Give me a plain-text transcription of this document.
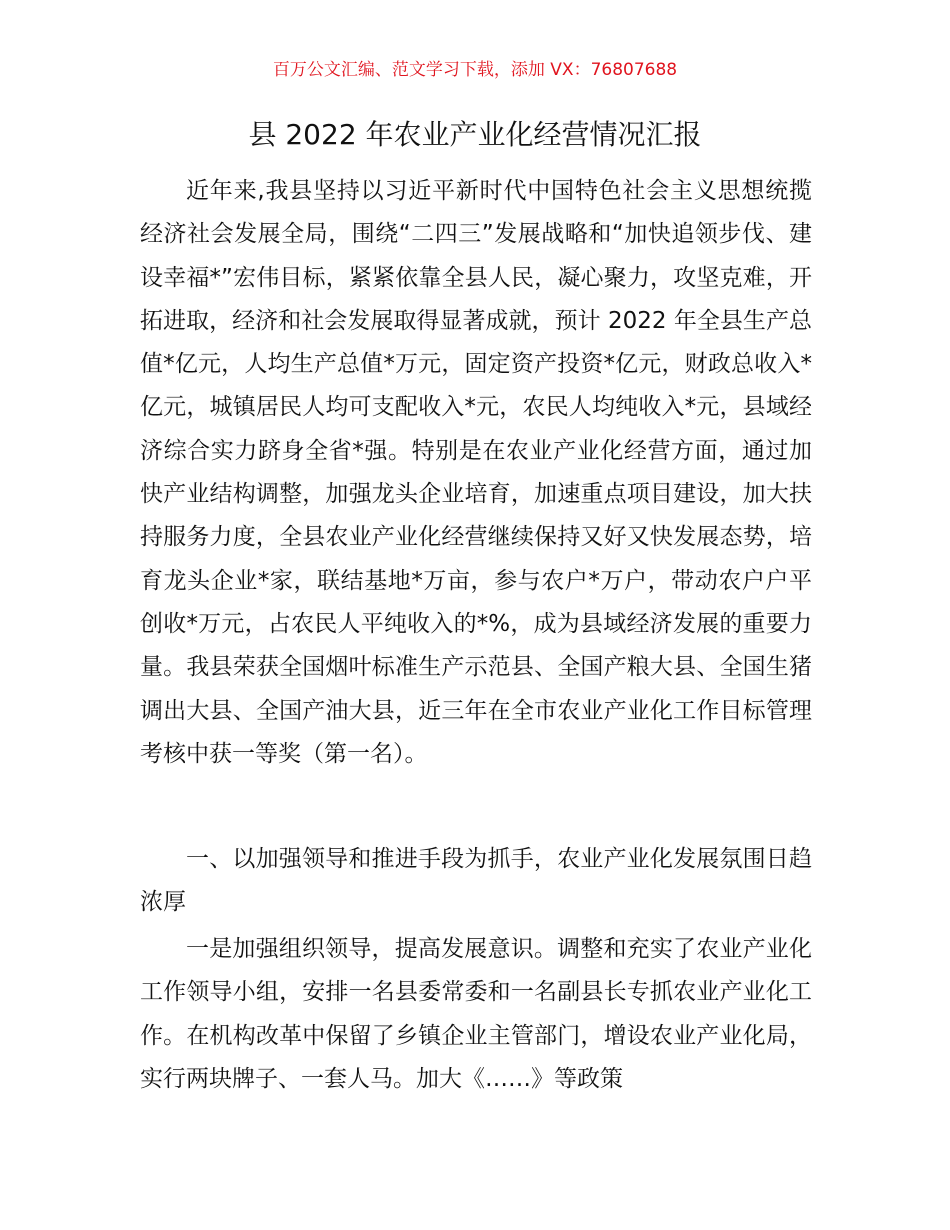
百万公文汇编、范文学习下载，添加 VX：76807688
县 2022 年农业产业化经营情况汇报

近年来,我县坚持以习近平新时代中国特色社会主义思想统揽经济社会发展全局，围绕“二四三”发展战略和“加快追领步伐、建设幸福*”宏伟目标，紧紧依靠全县人民，凝心聚力，攻坚克难，开拓进取，经济和社会发展取得显著成就，预计 2022 年全县生产总值*亿元，人均生产总值*万元，固定资产投资*亿元，财政总收入*亿元，城镇居民人均可支配收入*元，农民人均纯收入*元，县域经济综合实力跻身全省*强。特别是在农业产业化经营方面，通过加快产业结构调整，加强龙头企业培育，加速重点项目建设，加大扶持服务力度，全县农业产业化经营继续保持又好又快发展态势，培育龙头企业*家，联结基地*万亩，参与农户*万户，带动农户户平创收*万元，占农民人平纯收入的*%，成为县域经济发展的重要力量。我县荣获全国烟叶标准生产示范县、全国产粮大县、全国生猪调出大县、全国产油大县，近三年在全市农业产业化工作目标管理考核中获一等奖（第一名）。

一、以加强领导和推进手段为抓手，农业产业化发展氛围日趋浓厚

一是加强组织领导，提高发展意识。调整和充实了农业产业化工作领导小组，安排一名县委常委和一名副县长专抓农业产业化工作。在机构改革中保留了乡镇企业主管部门，增设农业产业化局，实行两块牌子、一套人马。加大《……》等政策
